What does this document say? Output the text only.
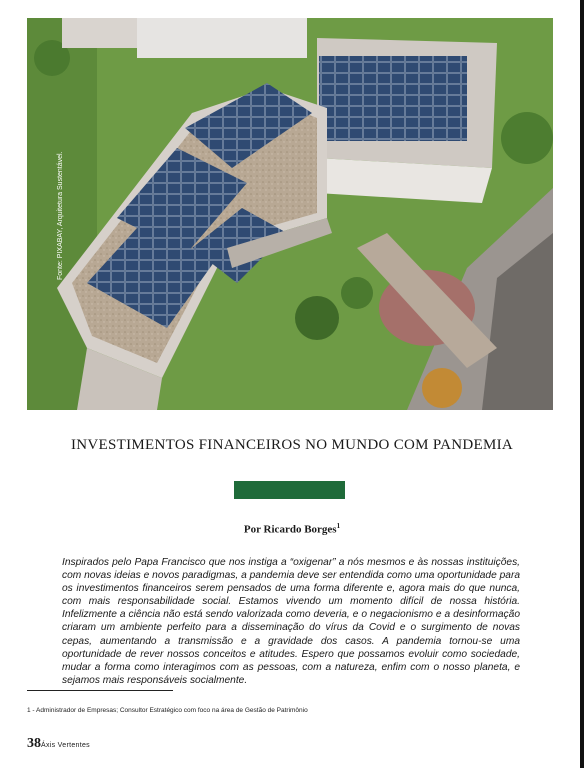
Fonte: PIXABAY, Arquitetura Sustentável.
INVESTIMENTOS FINANCEIROS NO MUNDO COM PANDEMIA
Por Ricardo Borges$^1$

Inspirados pelo Papa Francisco que nos instiga a “oxigenar” a nós mesmos e às nossas instituições, com novas ideias e novos paradigmas, a pandemia deve ser entendida como uma oportunidade para os investimentos financeiros serem pensados de uma forma diferente e, agora mais do que nunca, com mais responsabilidade social. Estamos vivendo um momento difícil de nossa história. Infelizmente a ciência não está sendo valorizada como deveria, e o negacionismo e a desinformação criaram um ambiente perfeito para a disseminação do vírus da Covid e o surgimento de novas cepas, aumentando a transmissão e a gravidade dos casos. A pandemia tornou-se uma oportunidade de rever nossos conceitos e atitudes. Espero que possamos evoluir como sociedade, mudar a forma como interagimos com as pessoas, com a natureza, enfim com o nosso planeta, e sejamos mais responsáveis socialmente.

1 - Administrador de Empresas; Consultor Estratégico com foco na área de Gestão de Patrimônio
38Áxis Vertentes
